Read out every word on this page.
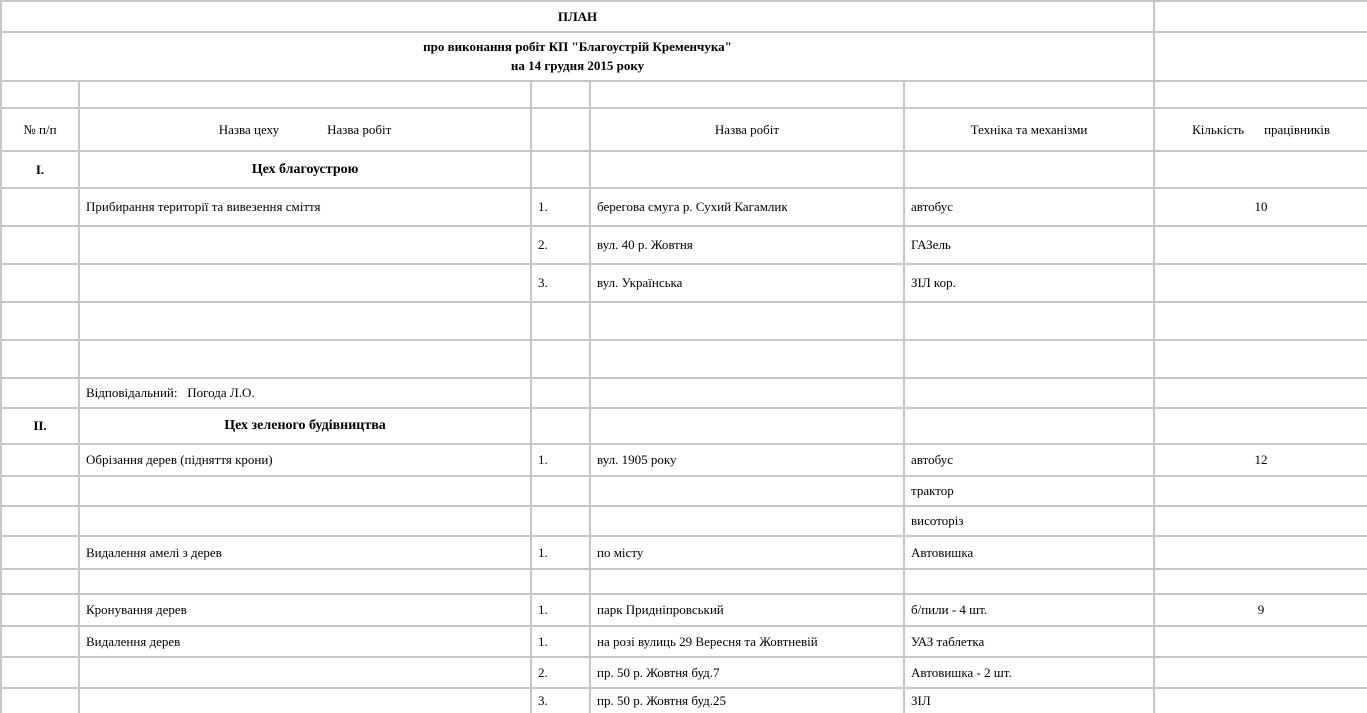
ПЛАН					

про виконання робіт КП "Благоустрій Кременчука"
на 14 грудня 2015 року					

№ п/п	Назва цеху Назва робіт		Назва робіт	Техніка та механізми	Кількість працівників

I.	Цех благоустрою				
	Прибирання території та вивезення сміття	1.	берегова смуга р. Сухий Кагамлик	автобус	10
		2.	вул. 40 р. Жовтня	ГАЗель	
		3.	вул. Українська	ЗІЛ кор.	

	Відповідальний:   Погода Л.О.				
II.	Цех зеленого будівництва				
	Обрізання дерев (підняття крони)	1.	вул. 1905 року	автобус	12
				трактор	
				висоторіз	
	Видалення амелі з дерев	1.	по місту	Автовишка	

	Кронування дерев	1.	парк Придніпровський	б/пили - 4 шт.	9
	Видалення дерев	1.	на розі вулиць 29 Вересня та Жовтневій	УАЗ таблетка	
		2.	пр. 50 р. Жовтня буд.7	Автовишка - 2 шт.	
		3.	пр. 50 р. Жовтня буд.25	ЗІЛ	
